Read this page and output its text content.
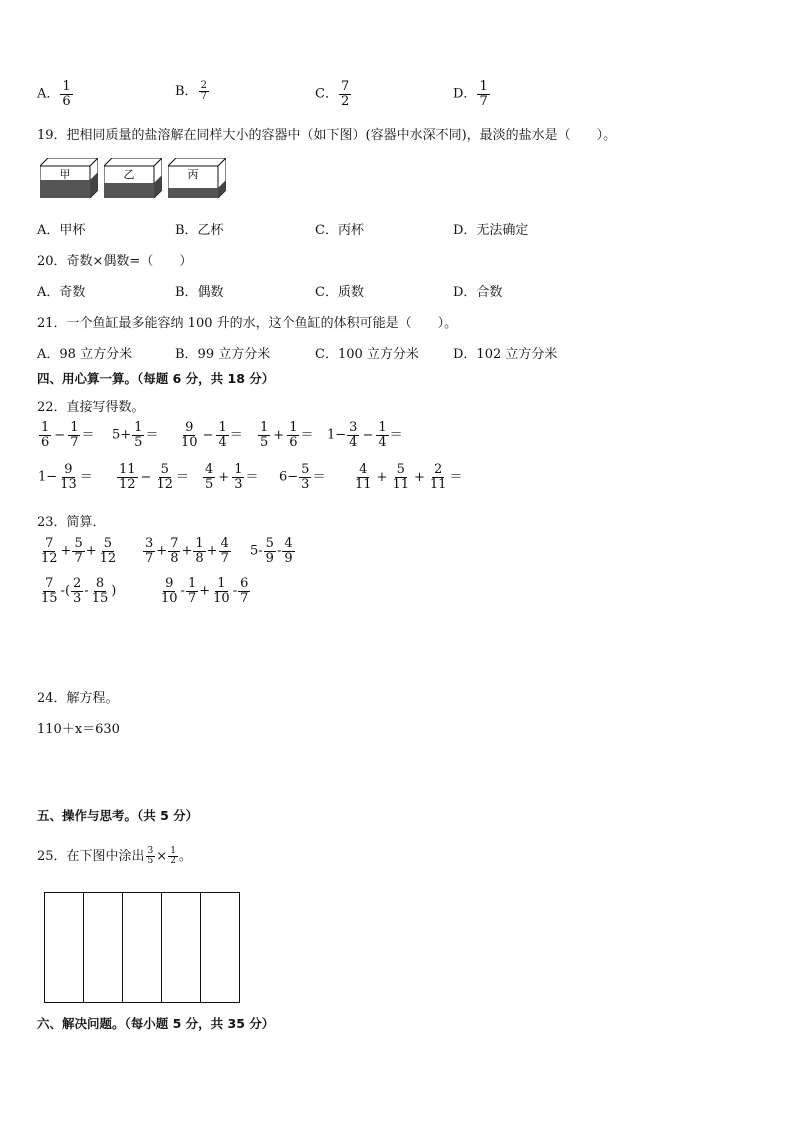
A． $\frac{1}{6}$	B． $\frac{2}{7}$	C． $\frac{7}{2}$	D． $\frac{1}{7}$
19．把相同质量的盐溶解在同样大小的容器中（如下图）(容器中水深不同)，最淡的盐水是（　　）。
甲	乙	丙
A．甲杯	B．乙杯	C．丙杯	D．无法确定
20．奇数×偶数=（　　）
A．奇数	B．偶数	C．质数	D．合数
21．一个鱼缸最多能容纳 100 升的水，这个鱼缸的体积可能是（　　）。
A．98 立方分米	B．99 立方分米	C．100 立方分米	D．102 立方分米
四、用心算一算。（每题 6 分，共 18 分）
22．直接写得数。
$\frac{1}{6} - \frac{1}{7} = 5+ \frac{1}{5} = \frac{9}{10} - \frac{1}{4} = \frac{1}{5} + \frac{1}{6} = 1- \frac{3}{4} - \frac{1}{4}$ ＝
$1- \frac{9}{13} = \frac{11}{12} - \frac{5}{12} = \frac{4}{5} + \frac{1}{3} = 6- \frac{5}{3} = \frac{4}{11} + \frac{5}{11} + \frac{2}{11}$ ＝
23．简算．
$\frac{7}{12} + \frac{5}{7} + \frac{5}{12} \frac{3}{7} + \frac{7}{8} + \frac{1}{8} + \frac{4}{7} 5- \frac{5}{9} - \frac{4}{9}$
$\frac{7}{15}$ -( $\frac{2}{3} - \frac{8}{15}$ )	$\frac{9}{10} - \frac{1}{7} + \frac{1}{10} - \frac{6}{7}$
24．解方程。
110＋x＝630
五、操作与思考。（共 5 分）
25．在下图中涂出 $\frac{3}{5} \times \frac{1}{2}$ 。
六、解决问题。（每小题 5 分，共 35 分）
